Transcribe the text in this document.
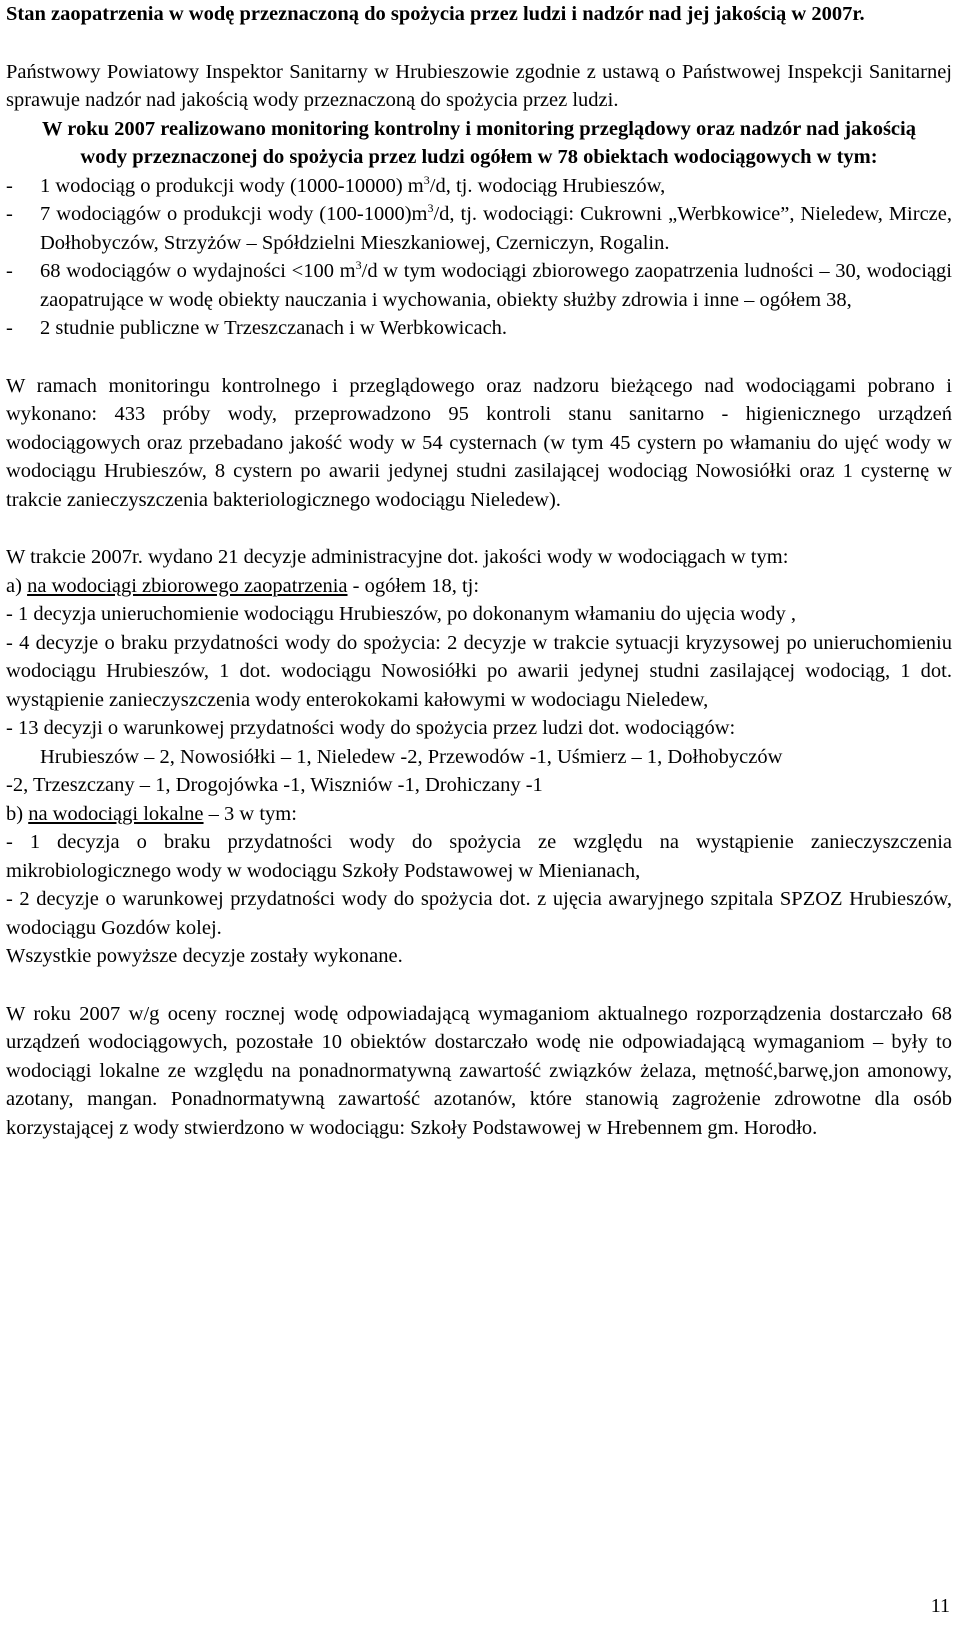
Stan zaopatrzenia w wodę przeznaczoną do spożycia przez ludzi i nadzór nad jej jakością w 2007r.

Państwowy Powiatowy Inspektor Sanitarny w Hrubieszowie zgodnie z ustawą o Państwowej Inspekcji Sanitarnej sprawuje nadzór nad jakością wody przeznaczoną do spożycia przez ludzi.

W roku 2007 realizowano monitoring kontrolny i monitoring przeglądowy oraz nadzór nad jakością wody przeznaczonej do spożycia przez ludzi ogółem w 78 obiektach wodociągowych w tym:

-	1 wodociąg o produkcji wody (1000-10000) $m^3/d$, tj. wodociąg Hrubieszów,
-	7 wodociągów o produkcji wody $(100-1000)m^3/d$, tj. wodociągi: Cukrowni „Werbkowice”, Nieledew, Mircze, Dołhobyczów, Strzyżów – Spółdzielni Mieszkaniowej, Czerniczyn, Rogalin.
-	68 wodociągów o wydajności <100 $m^3/d$ w tym wodociągi zbiorowego zaopatrzenia ludności – 30, wodociągi zaopatrujące w wodę obiekty nauczania i wychowania, obiekty służby zdrowia i inne – ogółem 38,
-	2 studnie publiczne w Trzeszczanach i w Werbkowicach.

W ramach monitoringu kontrolnego i przeglądowego oraz nadzoru bieżącego nad wodociągami pobrano i wykonano: 433 próby wody, przeprowadzono 95 kontroli stanu sanitarno - higienicznego urządzeń wodociągowych oraz przebadano jakość wody w 54 cysternach (w tym 45 cystern po włamaniu do ujęć wody w wodociągu Hrubieszów, 8 cystern po awarii jedynej studni zasilającej wodociąg Nowosiółki oraz 1 cysternę w trakcie zanieczyszczenia bakteriologicznego wodociągu Nieledew).

W trakcie 2007r. wydano 21 decyzje administracyjne dot. jakości wody w wodociągach w tym:

a) na wodociągi zbiorowego zaopatrzenia - ogółem 18, tj:

- 1 decyzja unieruchomienie wodociągu Hrubieszów, po dokonanym włamaniu do ujęcia wody ,

- 4 decyzje o braku przydatności wody do spożycia: 2 decyzje w trakcie sytuacji kryzysowej po unieruchomieniu wodociągu Hrubieszów, 1 dot. wodociągu Nowosiółki po awarii jedynej studni zasilającej wodociąg, 1 dot. wystąpienie zanieczyszczenia wody enterokokami kałowymi w wodociagu Nieledew,

- 13 decyzji o warunkowej przydatności wody do spożycia przez ludzi dot. wodociągów:

Hrubieszów – 2, Nowosiółki – 1, Nieledew -2, Przewodów -1, Uśmierz – 1, Dołhobyczów

-2, Trzeszczany – 1, Drogojówka -1, Wiszniów -1, Drohiczany -1

b) na wodociągi lokalne – 3 w tym:

- 1 decyzja o braku przydatności wody do spożycia ze względu na wystąpienie zanieczyszczenia mikrobiologicznego wody w wodociągu Szkoły Podstawowej w Mienianach,

- 2 decyzje o warunkowej przydatności wody do spożycia dot. z ujęcia awaryjnego szpitala SPZOZ Hrubieszów, wodociągu Gozdów kolej.

Wszystkie powyższe decyzje zostały wykonane.

W roku 2007 w/g oceny rocznej wodę odpowiadającą wymaganiom aktualnego rozporządzenia dostarczało 68 urządzeń wodociągowych, pozostałe 10 obiektów dostarczało wodę nie odpowiadającą wymaganiom – były to wodociągi lokalne ze względu na ponadnormatywną zawartość związków żelaza, mętność,barwę,jon amonowy, azotany, mangan. Ponadnormatywną zawartość azotanów, które stanowią zagrożenie zdrowotne dla osób korzystającej z wody stwierdzono w wodociągu: Szkoły Podstawowej w Hrebennem gm. Horodło.

11
